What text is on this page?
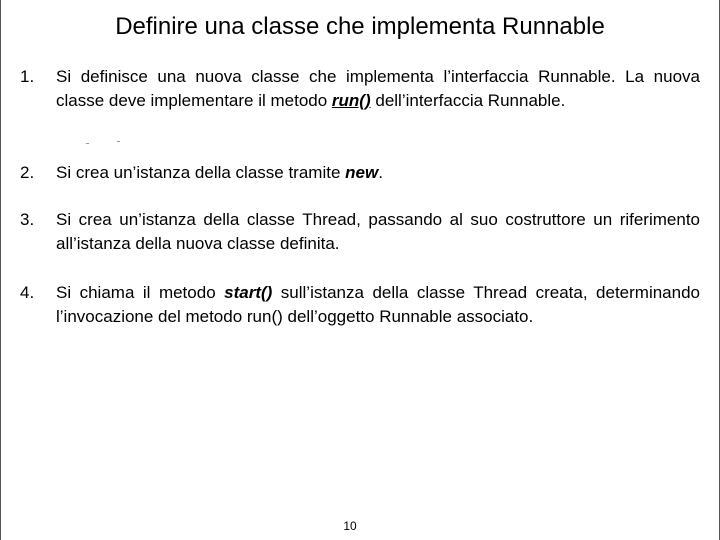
Definire una classe che implementa Runnable
1.	Si definisce una nuova classe che implementa l’interfaccia Runnable. La nuova classe deve implementare il metodo run() dell’interfaccia Runnable.
2.	Si crea un’istanza della classe tramite new.
3.	Si crea un’istanza della classe Thread, passando al suo costruttore un riferimento all’istanza della nuova classe definita.
4.	Si chiama il metodo start() sull’istanza della classe Thread creata, determinando l’invocazione del metodo run() dell’oggetto Runnable associato.
10
